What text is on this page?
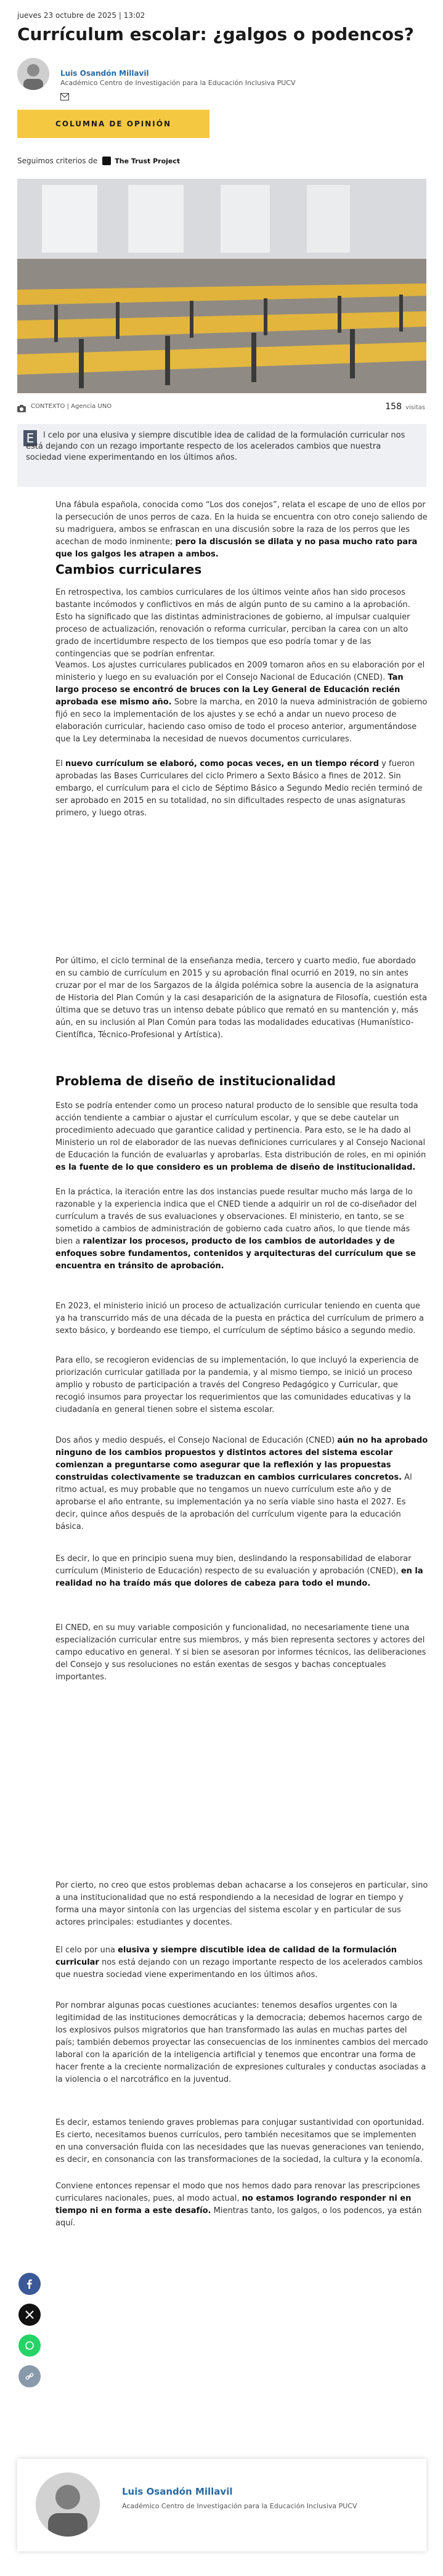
jueves 23 octubre de 2025 | 13:02
Currículum escolar: ¿galgos o podencos?
Luis Osandón Millavil
Académico Centro de Investigación para la Educación Inclusiva PUCV
COLUMNA DE OPINIÓN
Seguimos criterios de	The Trust Project
CONTEXTO | Agencia UNO	158 visitas
E	l celo por una elusiva y siempre discutible idea de calidad de la formulación curricular nos está dejando con un rezago importante respecto de los acelerados cambios que nuestra sociedad viene experimentando en los últimos años.

Una fábula española, conocida como “Los dos conejos”, relata el escape de uno de ellos por la persecución de unos perros de caza. En la huida se encuentra con otro conejo saliendo de su madriguera, ambos se enfrascan en una discusión sobre la raza de los perros que les acechan de modo inminente; pero la discusión se dilata y no pasa mucho rato para que los galgos les atrapen a ambos.

Cambios curriculares

En retrospectiva, los cambios curriculares de los últimos veinte años han sido procesos bastante incómodos y conflictivos en más de algún punto de su camino a la aprobación. Esto ha significado que las distintas administraciones de gobierno, al impulsar cualquier proceso de actualización, renovación o reforma curricular, perciban la carea con un alto grado de incertidumbre respecto de los tiempos que eso podría tomar y de las contingencias que se podrían enfrentar.

Veamos. Los ajustes curriculares publicados en 2009 tomaron años en su elaboración por el ministerio y luego en su evaluación por el Consejo Nacional de Educación (CNED). Tan largo proceso se encontró de bruces con la Ley General de Educación recién aprobada ese mismo año. Sobre la marcha, en 2010 la nueva administración de gobierno fijó en seco la implementación de los ajustes y se echó a andar un nuevo proceso de elaboración curricular, haciendo caso omiso de todo el proceso anterior, argumentándose que la Ley determinaba la necesidad de nuevos documentos curriculares.

El nuevo currículum se elaboró, como pocas veces, en un tiempo récord y fueron aprobadas las Bases Curriculares del ciclo Primero a Sexto Básico a fines de 2012. Sin embargo, el currículum para el ciclo de Séptimo Básico a Segundo Medio recién terminó de ser aprobado en 2015 en su totalidad, no sin dificultades respecto de unas asignaturas primero, y luego otras.

Por último, el ciclo terminal de la enseñanza media, tercero y cuarto medio, fue abordado en su cambio de currículum en 2015 y su aprobación final ocurrió en 2019, no sin antes cruzar por el mar de los Sargazos de la álgida polémica sobre la ausencia de la asignatura de Historia del Plan Común y la casi desaparición de la asignatura de Filosofía, cuestión esta última que se detuvo tras un intenso debate público que remató en su mantención y, más aún, en su inclusión al Plan Común para todas las modalidades educativas (Humanístico-Científica, Técnico-Profesional y Artística).

Problema de diseño de institucionalidad

Esto se podría entender como un proceso natural producto de lo sensible que resulta toda acción tendiente a cambiar o ajustar el currículum escolar, y que se debe cautelar un procedimiento adecuado que garantice calidad y pertinencia. Para esto, se le ha dado al Ministerio un rol de elaborador de las nuevas definiciones curriculares y al Consejo Nacional de Educación la función de evaluarlas y aprobarlas. Esta distribución de roles, en mi opinión es la fuente de lo que considero es un problema de diseño de institucionalidad.

En la práctica, la iteración entre las dos instancias puede resultar mucho más larga de lo razonable y la experiencia indica que el CNED tiende a adquirir un rol de co-diseñador del currículum a través de sus evaluaciones y observaciones. El ministerio, en tanto, se se sometido a cambios de administración de gobierno cada cuatro años, lo que tiende más bien a ralentizar los procesos, producto de los cambios de autoridades y de enfoques sobre fundamentos, contenidos y arquitecturas del currículum que se encuentra en tránsito de aprobación.

En 2023, el ministerio inició un proceso de actualización curricular teniendo en cuenta que ya ha transcurrido más de una década de la puesta en práctica del currículum de primero a sexto básico, y bordeando ese tiempo, el currículum de séptimo básico a segundo medio.

Para ello, se recogieron evidencias de su implementación, lo que incluyó la experiencia de priorización curricular gatillada por la pandemia, y al mismo tiempo, se inició un proceso amplio y robusto de participación a través del Congreso Pedagógico y Curricular, que recogió insumos para proyectar los requerimientos que las comunidades educativas y la ciudadanía en general tienen sobre el sistema escolar.

Dos años y medio después, el Consejo Nacional de Educación (CNED) aún no ha aprobado ninguno de los cambios propuestos y distintos actores del sistema escolar comienzan a preguntarse como asegurar que la reflexión y las propuestas construidas colectivamente se traduzcan en cambios curriculares concretos. Al ritmo actual, es muy probable que no tengamos un nuevo currículum este año y de aprobarse el año entrante, su implementación ya no sería viable sino hasta el 2027. Es decir, quince años después de la aprobación del currículum vigente para la educación básica.

Es decir, lo que en principio suena muy bien, deslindando la responsabilidad de elaborar currículum (Ministerio de Educación) respecto de su evaluación y aprobación (CNED), en la realidad no ha traído más que dolores de cabeza para todo el mundo.

El CNED, en su muy variable composición y funcionalidad, no necesariamente tiene una especialización curricular entre sus miembros, y más bien representa sectores y actores del campo educativo en general. Y si bien se asesoran por informes técnicos, las deliberaciones del Consejo y sus resoluciones no están exentas de sesgos y bachas conceptuales importantes.

Por cierto, no creo que estos problemas deban achacarse a los consejeros en particular, sino a una institucionalidad que no está respondiendo a la necesidad de lograr en tiempo y forma una mayor sintonía con las urgencias del sistema escolar y en particular de sus actores principales: estudiantes y docentes.

El celo por una elusiva y siempre discutible idea de calidad de la formulación curricular nos está dejando con un rezago importante respecto de los acelerados cambios que nuestra sociedad viene experimentando en los últimos años.

Por nombrar algunas pocas cuestiones acuciantes: tenemos desafíos urgentes con la legitimidad de las instituciones democráticas y la democracia; debemos hacernos cargo de los explosivos pulsos migratorios que han transformado las aulas en muchas partes del país; también debemos proyectar las consecuencias de los inminentes cambios del mercado laboral con la aparición de la inteligencia artificial y tenemos que encontrar una forma de hacer frente a la creciente normalización de expresiones culturales y conductas asociadas a la violencia o el narcotráfico en la juventud.

Es decir, estamos teniendo graves problemas para conjugar sustantividad con oportunidad. Es cierto, necesitamos buenos currículos, pero también necesitamos que se implementen en una conversación fluida con las necesidades que las nuevas generaciones van teniendo, es decir, en consonancia con las transformaciones de la sociedad, la cultura y la economía.

Conviene entonces repensar el modo que nos hemos dado para renovar las prescripciones curriculares nacionales, pues, al modo actual, no estamos logrando responder ni en tiempo ni en forma a este desafío. Mientras tanto, los galgos, o los podencos, ya están aquí.

Luis Osandón Millavil
Académico Centro de Investigación para la Educación Inclusiva PUCV
